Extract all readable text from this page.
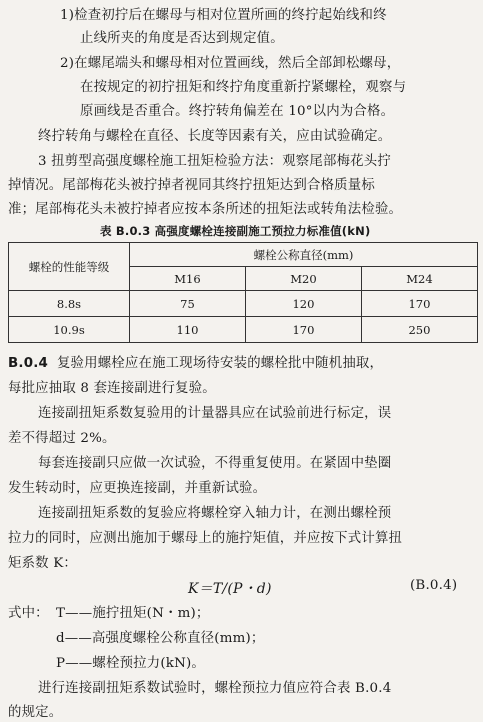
1)检查初拧后在螺母与相对位置所画的终拧起始线和终

止线所夹的角度是否达到规定值。

2)在螺尾端头和螺母相对位置画线，然后全部卸松螺母，

在按规定的初拧扭矩和终拧角度重新拧紧螺栓，观察与

原画线是否重合。终拧转角偏差在 10°以内为合格。

终拧转角与螺栓在直径、长度等因素有关，应由试验确定。

3 扭剪型高强度螺栓施工扭矩检验方法：观察尾部梅花头拧

掉情况。尾部梅花头被拧掉者视同其终拧扭矩达到合格质量标

准；尾部梅花头未被拧掉者应按本条所述的扭矩法或转角法检验。

表 B.0.3 高强度螺栓连接副施工预拉力标准值(kN)

螺栓的性能等级	螺栓公称直径(mm)		
	M16	M20	M24
8.8s	75	120	170
10.9s	110	170	250

B.0.4 复验用螺栓应在施工现场待安装的螺栓批中随机抽取，

每批应抽取 8 套连接副进行复验。

连接副扭矩系数复验用的计量器具应在试验前进行标定，误

差不得超过 2%。

每套连接副只应做一次试验，不得重复使用。在紧固中垫圈

发生转动时，应更换连接副，并重新试验。

连接副扭矩系数的复验应将螺栓穿入轴力计，在测出螺栓预

拉力的同时，应测出施加于螺母上的施拧矩值，并应按下式计算扭

矩系数 K：

K＝T/(P・d)	(B.0.4)

式中： T——施拧扭矩(N・m)；

d——高强度螺栓公称直径(mm)；

P——螺栓预拉力(kN)。

进行连接副扭矩系数试验时，螺栓预拉力值应符合表 B.0.4

的规定。
